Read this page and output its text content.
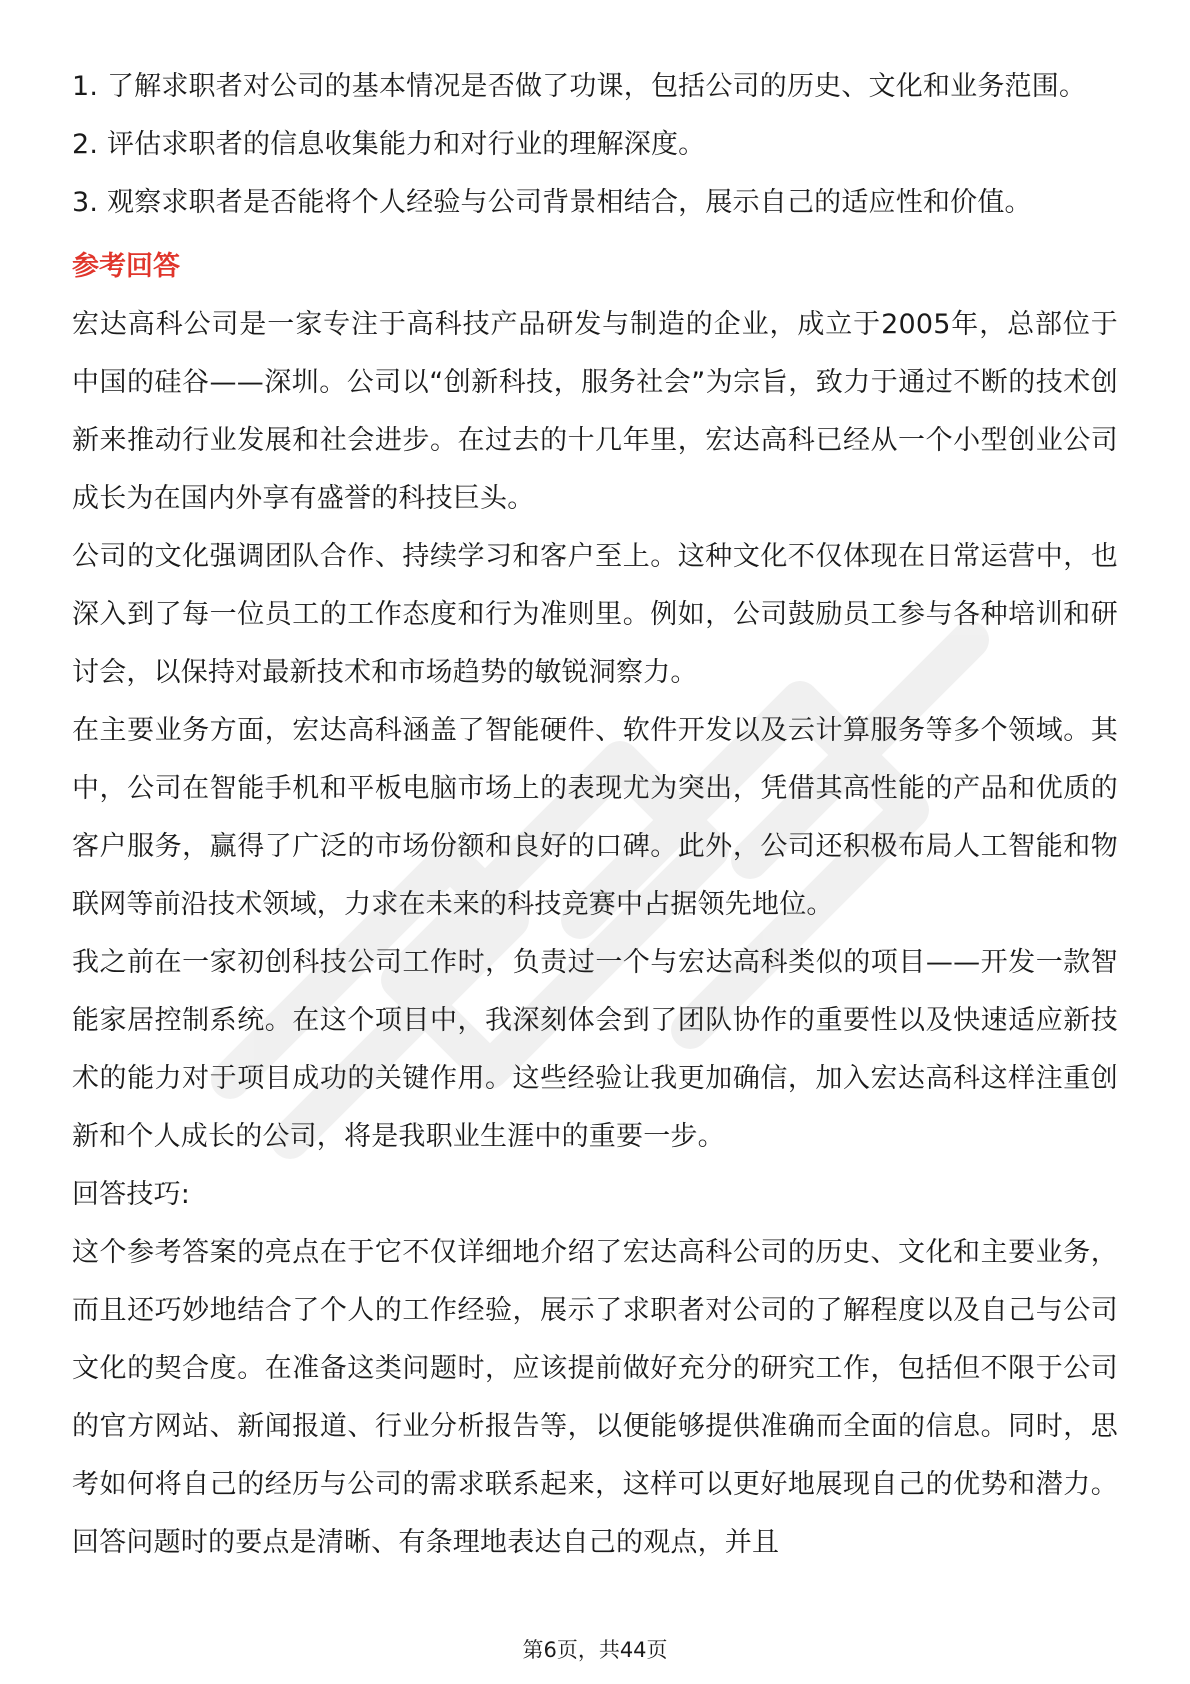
1. 了解求职者对公司的基本情况是否做了功课，包括公司的历史、文化和业务范围。

2. 评估求职者的信息收集能力和对行业的理解深度。

3. 观察求职者是否能将个人经验与公司背景相结合，展示自己的适应性和价值。

参考回答

宏达高科公司是一家专注于高科技产品研发与制造的企业，成立于2005年，总部位于中国的硅谷——深圳。公司以“创新科技，服务社会”为宗旨，致力于通过不断的技术创新来推动行业发展和社会进步。在过去的十几年里，宏达高科已经从一个小型创业公司成长为在国内外享有盛誉的科技巨头。

公司的文化强调团队合作、持续学习和客户至上。这种文化不仅体现在日常运营中，也深入到了每一位员工的工作态度和行为准则里。例如，公司鼓励员工参与各种培训和研讨会，以保持对最新技术和市场趋势的敏锐洞察力。

在主要业务方面，宏达高科涵盖了智能硬件、软件开发以及云计算服务等多个领域。其中，公司在智能手机和平板电脑市场上的表现尤为突出，凭借其高性能的产品和优质的客户服务，赢得了广泛的市场份额和良好的口碑。此外，公司还积极布局人工智能和物联网等前沿技术领域，力求在未来的科技竞赛中占据领先地位。

我之前在一家初创科技公司工作时，负责过一个与宏达高科类似的项目——开发一款智能家居控制系统。在这个项目中，我深刻体会到了团队协作的重要性以及快速适应新技术的能力对于项目成功的关键作用。这些经验让我更加确信，加入宏达高科这样注重创新和个人成长的公司，将是我职业生涯中的重要一步。

回答技巧:

这个参考答案的亮点在于它不仅详细地介绍了宏达高科公司的历史、文化和主要业务，而且还巧妙地结合了个人的工作经验，展示了求职者对公司的了解程度以及自己与公司文化的契合度。在准备这类问题时，应该提前做好充分的研究工作，包括但不限于公司的官方网站、新闻报道、行业分析报告等，以便能够提供准确而全面的信息。同时，思考如何将自己的经历与公司的需求联系起来，这样可以更好地展现自己的优势和潜力。回答问题时的要点是清晰、有条理地表达自己的观点，并且

第6页，共44页
